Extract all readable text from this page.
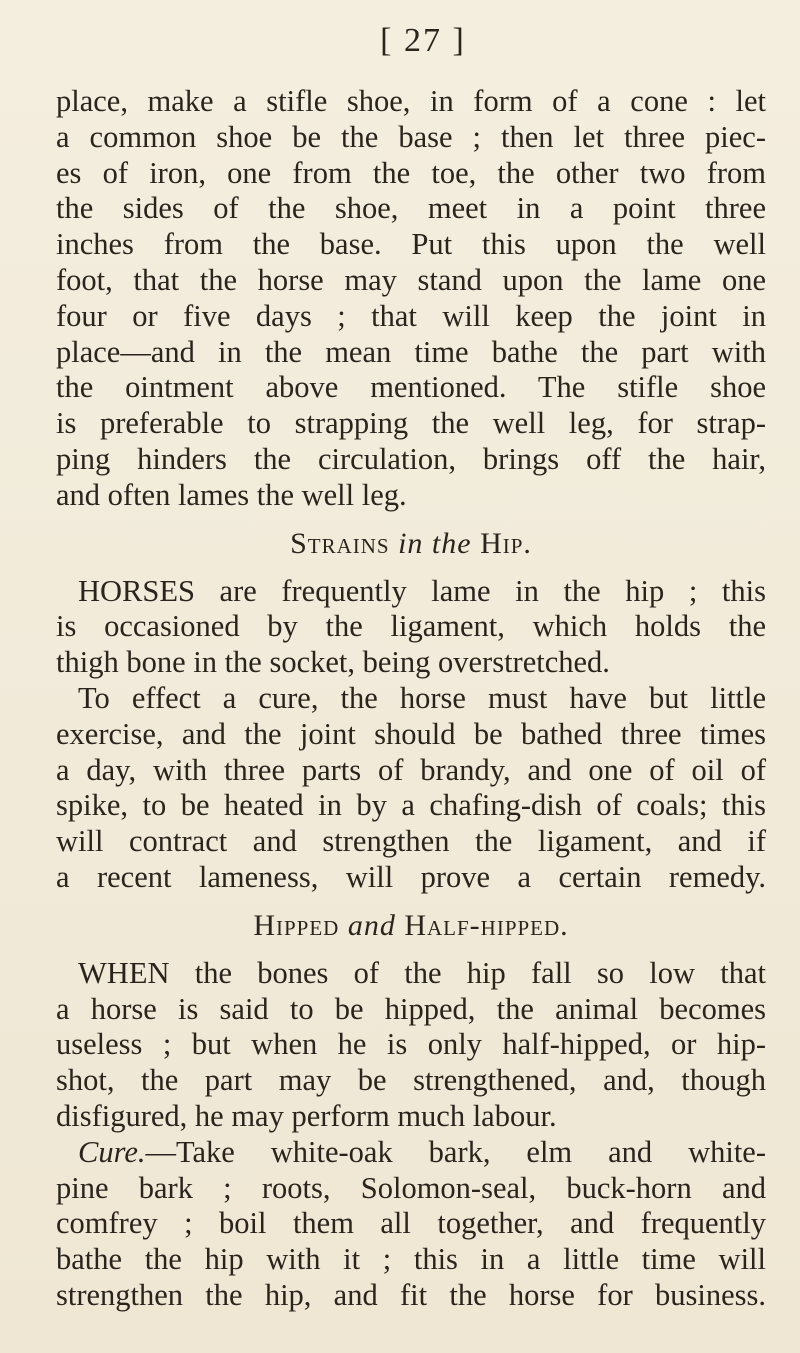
[ 27 ]
place, make a stifle shoe, in form of a cone : let
a common shoe be the base ; then let three piec-
es of iron, one from the toe, the other two from
the sides of the shoe, meet in a point three
inches from the base. Put this upon the well
foot, that the horse may stand upon the lame one
four or five days ; that will keep the joint in
place—and in the mean time bathe the part with
the ointment above mentioned. The stifle shoe
is preferable to strapping the well leg, for strap-
ping hinders the circulation, brings off the hair,
and often lames the well leg.
Strains in the Hip.
HORSES are frequently lame in the hip ; this
is occasioned by the ligament, which holds the
thigh bone in the socket, being overstretched.
To effect a cure, the horse must have but little
exercise, and the joint should be bathed three times
a day, with three parts of brandy, and one of oil of
spike, to be heated in by a chafing-dish of coals; this
will contract and strengthen the ligament, and if
a recent lameness, will prove a certain remedy.
Hipped and Half-hipped.
WHEN the bones of the hip fall so low that
a horse is said to be hipped, the animal becomes
useless ; but when he is only half-hipped, or hip-
shot, the part may be strengthened, and, though
disfigured, he may perform much labour.
Cure.—Take white-oak bark, elm and white-
pine bark ; roots, Solomon-seal, buck-horn and
comfrey ; boil them all together, and frequently
bathe the hip with it ; this in a little time will
strengthen the hip, and fit the horse for business.
